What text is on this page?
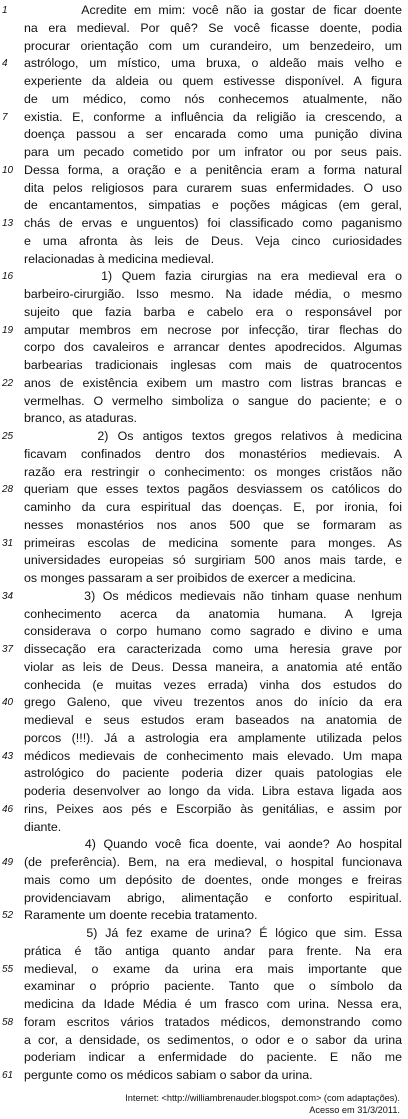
1	Acredite em mim: você não ia gostar de ficar doente
na era medieval. Por quê? Se você ficasse doente, podia
procurar orientação com um curandeiro, um benzedeiro, um
4	astrólogo, um místico, uma bruxa, o aldeão mais velho e
experiente da aldeia ou quem estivesse disponível. A figura
de um médico, como nós conhecemos atualmente, não
7	existia. E, conforme a influência da religião ia crescendo, a
doença passou a ser encarada como uma punição divina
para um pecado cometido por um infrator ou por seus pais.
10 Dessa forma, a oração e a penitência eram a forma natural
dita pelos religiosos para curarem suas enfermidades. O uso
de encantamentos, simpatias e poções mágicas (em geral,
13 chás de ervas e unguentos) foi classificado como paganismo
e uma afronta às leis de Deus. Veja cinco curiosidades
relacionadas à medicina medieval.
16 1) Quem fazia cirurgias na era medieval era o
barbeiro-cirurgião. Isso mesmo. Na idade média, o mesmo
sujeito que fazia barba e cabelo era o responsável por
19 amputar membros em necrose por infecção, tirar flechas do
corpo dos cavaleiros e arrancar dentes apodrecidos. Algumas
barbearias tradicionais inglesas com mais de quatrocentos
22 anos de existência exibem um mastro com listras brancas e
vermelhas. O vermelho simboliza o sangue do paciente; e o
branco, as ataduras.
25 2) Os antigos textos gregos relativos à medicina
ficavam confinados dentro dos monastérios medievais. A
razão era restringir o conhecimento: os monges cristãos não
28 queriam que esses textos pagãos desviassem os católicos do
caminho da cura espiritual das doenças. E, por ironia, foi
nesses monastérios nos anos 500 que se formaram as
31 primeiras escolas de medicina somente para monges. As
universidades europeias só surgiriam 500 anos mais tarde, e
os monges passaram a ser proibidos de exercer a medicina.
34 3) Os médicos medievais não tinham quase nenhum
conhecimento acerca da anatomia humana. A Igreja
considerava o corpo humano como sagrado e divino e uma
37 dissecação era caracterizada como uma heresia grave por
violar as leis de Deus. Dessa maneira, a anatomia até então
conhecida (e muitas vezes errada) vinha dos estudos do
40 grego Galeno, que viveu trezentos anos do início da era
medieval e seus estudos eram baseados na anatomia de
porcos (!!!). Já a astrologia era amplamente utilizada pelos
43 médicos medievais de conhecimento mais elevado. Um mapa
astrológico do paciente poderia dizer quais patologias ele
poderia desenvolver ao longo da vida. Libra estava ligada aos
46 rins, Peixes aos pés e Escorpião às genitálias, e assim por
diante.
4) Quando você fica doente, vai aonde? Ao hospital
49 (de preferência). Bem, na era medieval, o hospital funcionava
mais como um depósito de doentes, onde monges e freiras
providenciavam abrigo, alimentação e conforto espiritual.
52 Raramente um doente recebia tratamento.
5) Já fez exame de urina? É lógico que sim. Essa
prática é tão antiga quanto andar para frente. Na era
55 medieval, o exame da urina era mais importante que
examinar o próprio paciente. Tanto que o símbolo da
medicina da Idade Média é um frasco com urina. Nessa era,
58 foram escritos vários tratados médicos, demonstrando como
a cor, a densidade, os sedimentos, o odor e o sabor da urina
poderiam indicar a enfermidade do paciente. E não me
61 pergunte como os médicos sabiam o sabor da urina.
Internet: <http://williambrenauder.blogspot.com> (com adaptações).
Acesso em 31/3/2011.
